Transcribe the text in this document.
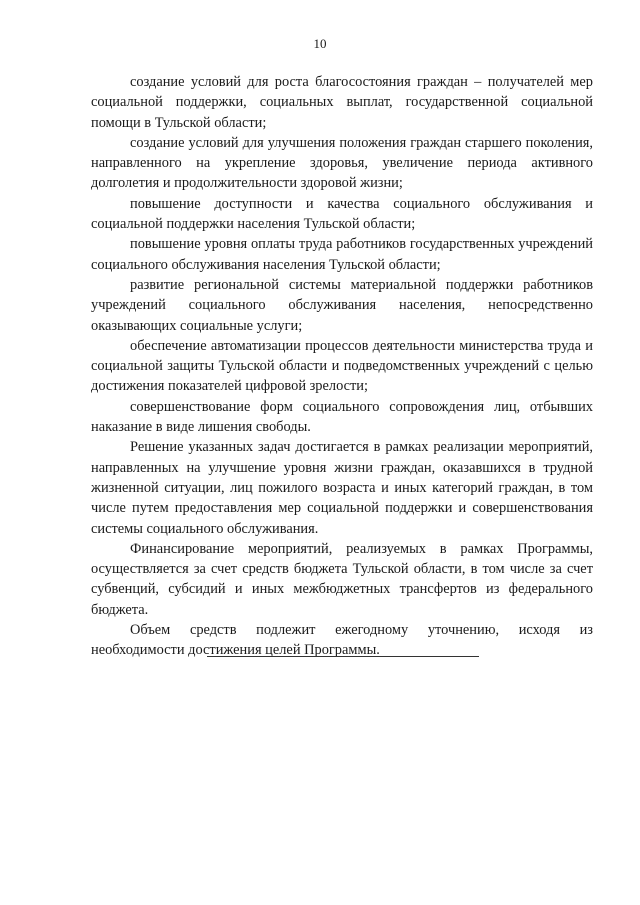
10

создание условий для роста благосостояния граждан – получателей мер социальной поддержки, социальных выплат, государственной социальной помощи в Тульской области;

создание условий для улучшения положения граждан старшего поколения, направленного на укрепление здоровья, увеличение периода активного долголетия и продолжительности здоровой жизни;

повышение доступности и качества социального обслуживания и социальной поддержки населения Тульской области;

повышение уровня оплаты труда работников государственных учреждений социального обслуживания населения Тульской области;

развитие региональной системы материальной поддержки работников учреждений социального обслуживания населения, непосредственно оказывающих социальные услуги;

обеспечение автоматизации процессов деятельности министерства труда и социальной защиты Тульской области и подведомственных учреждений с целью достижения показателей цифровой зрелости;

совершенствование форм социального сопровождения лиц, отбывших наказание в виде лишения свободы.

Решение указанных задач достигается в рамках реализации мероприятий, направленных на улучшение уровня жизни граждан, оказавшихся в трудной жизненной ситуации, лиц пожилого возраста и иных категорий граждан, в том числе путем предоставления мер социальной поддержки и совершенствования системы социального обслуживания.

Финансирование мероприятий, реализуемых в рамках Программы, осуществляется за счет средств бюджета Тульской области, в том числе за счет субвенций, субсидий и иных межбюджетных трансфертов из федерального бюджета.

Объем средств подлежит ежегодному уточнению, исходя из необходимости достижения целей Программы.
